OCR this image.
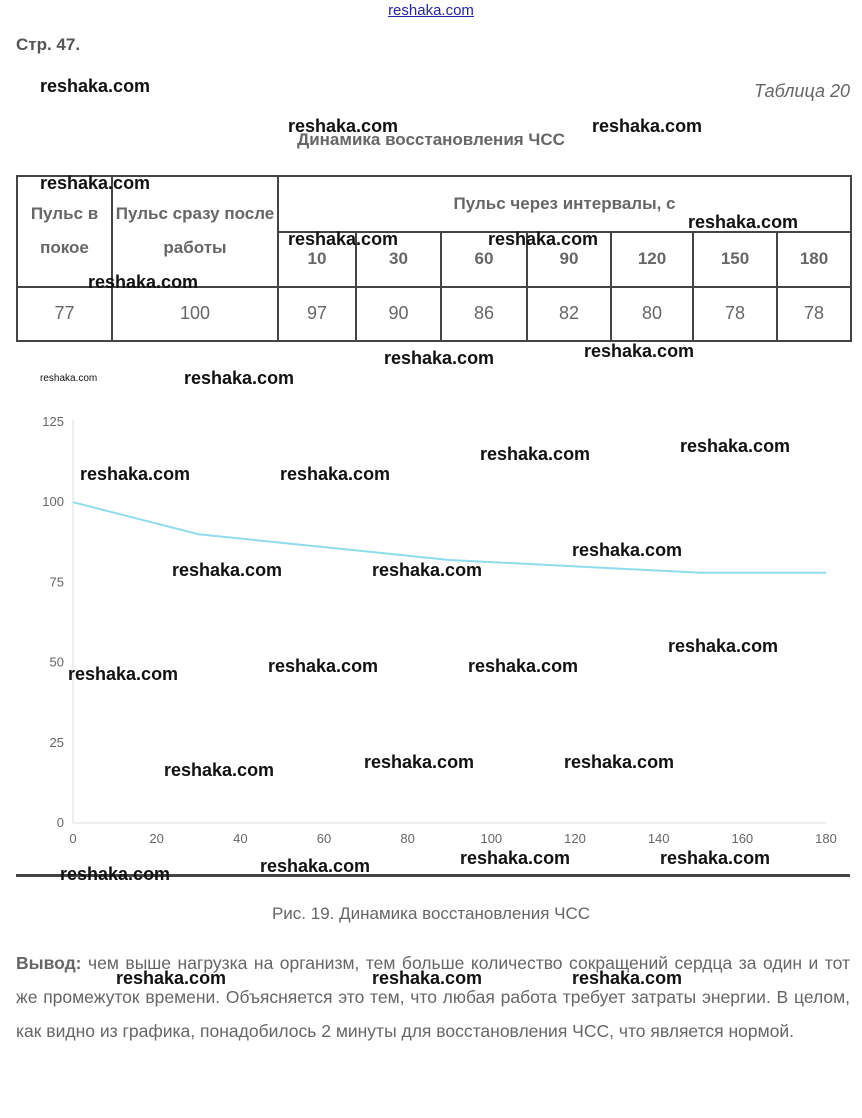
reshaka.com
Стр. 47.
Таблица 20
Динамика восстановления ЧСС
Пульс в покое	Пульс сразу после работы	Пульс через интервалы, с						
		10	30	60	90	120	150	180
77	100	97	90	86	82	80	78	78
0
25
50
75
100
125
0	20	40	60	80	100	120	140	160	180
Рис. 19. Динамика восстановления ЧСС
Вывод: чем выше нагрузка на организм, тем больше количество сокращений сердца за один и тот же промежуток времени. Объясняется это тем, что любая работа требует затраты энергии. В целом, как видно из графика, понадобилось 2 минуты для восстановления ЧСС, что является нормой.
reshaka.com
reshaka.com	reshaka.com
reshaka.com
reshaka.com
reshaka.com	reshaka.com
reshaka.com
reshaka.com
reshaka.com
reshaka.com	reshaka.com
reshaka.com
reshaka.com
reshaka.com	reshaka.com
reshaka.com
reshaka.com	reshaka.com
reshaka.com
reshaka.com	reshaka.com
reshaka.com
reshaka.com	reshaka.com
reshaka.com
reshaka.com	reshaka.com
reshaka.com
reshaka.com
reshaka.com	reshaka.com	reshaka.com
